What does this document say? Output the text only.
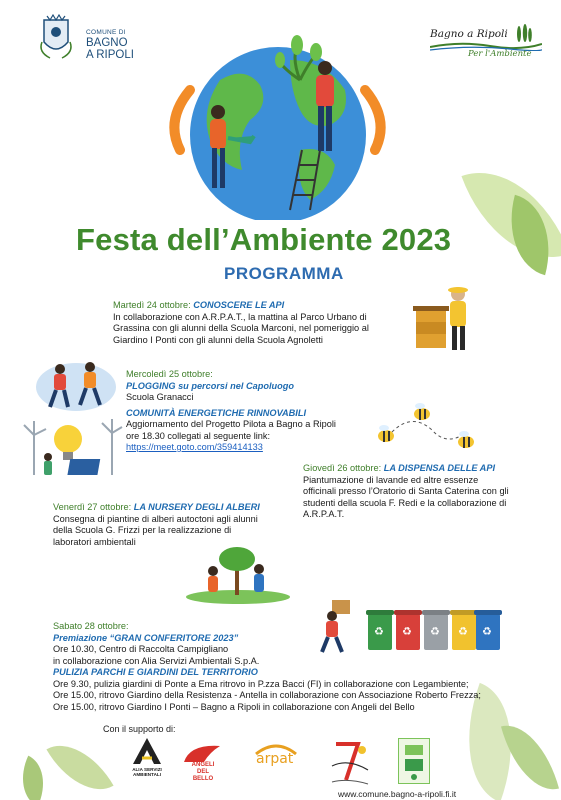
COMUNE DI
BAGNO
A RIPOLI
Bagno a Ripoli
Per l'Ambiente
Festa dell’Ambiente 2023
PROGRAMMA
Martedì 24 ottobre: CONOSCERE LE API
In collaborazione con A.R.P.A.T., la mattina al Parco Urbano di
Grassina con gli alunni della Scuola Marconi, nel pomeriggio al
Giardino I Ponti con gli alunni della Scuola Agnoletti
Mercoledì 25 ottobre:
PLOGGING su percorsi nel Capoluogo
Scuola Granacci
COMUNITÀ ENERGETICHE RINNOVABILI
Aggiornamento del Progetto Pilota a Bagno a Ripoli
ore 18.30 collegati al seguente link:
https://meet.goto.com/359414133
Giovedì 26 ottobre: LA DISPENSA DELLE API
Piantumazione di lavande ed altre essenze
officinali presso l’Oratorio di Santa Caterina con gli
studenti della scuola F. Redi e la collaborazione di
A.R.P.A.T.
Venerdì 27 ottobre: LA NURSERY DEGLI ALBERI
Consegna di piantine di alberi autoctoni agli alunni
della Scuola G. Frizzi per la realizzazione di
laboratori ambientali
♻ ♻ ♻ ♻ ♻
Sabato 28 ottobre:
Premiazione “GRAN CONFERITORE 2023”
Ore 10.30, Centro di Raccolta Campigliano
in collaborazione con Alia Servizi Ambientali S.p.A.
PULIZIA PARCHI E GIARDINI DEL TERRITORIO
Ore 9.30, pulizia giardini di Ponte a Ema ritrovo in P.zza Bacci (FI) in collaborazione con Legambiente;
Ore 15.00, ritrovo Giardino della Resistenza - Antella in collaborazione con Associazione Roberto Frezza;
Ore 15.00, ritrovo Giardino I Ponti – Bagno a Ripoli in collaborazione con Angeli del Bello
Con il supporto di:
ALIA SERVIZI AMBIENTALI
ANGELI
DEL
BELLO
arpat
www.comune.bagno-a-ripoli.fi.it
